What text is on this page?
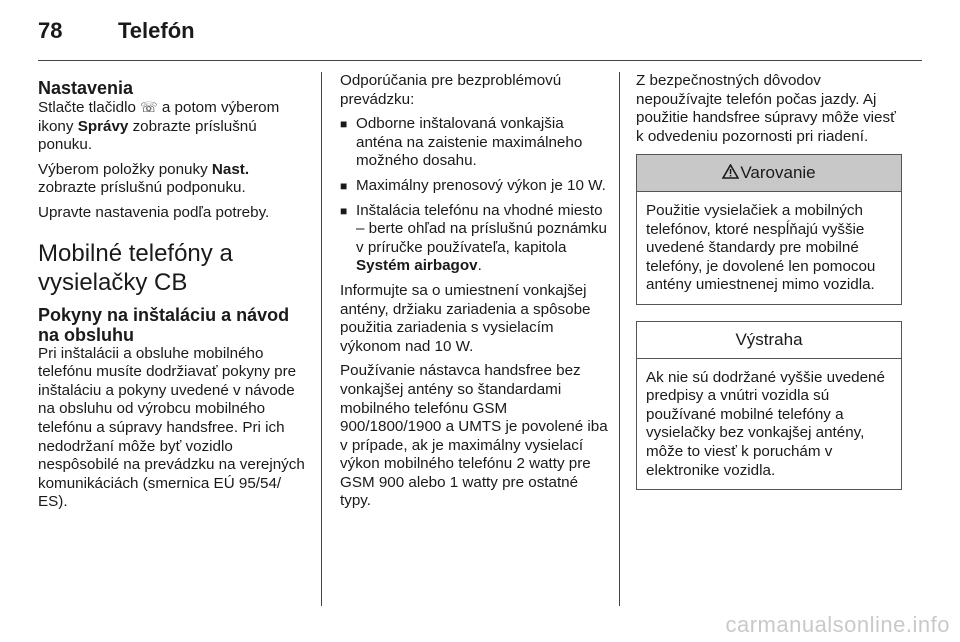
78	Telefón
Nastavenia

Stlačte tlačidlo ☏ a potom výberom ikony Správy zobrazte príslušnú ponuku.

Výberom položky ponuky Nast. zobrazte príslušnú podponuku.

Upravte nastavenia podľa potreby.

Mobilné telefóny a vysielačky CB
Pokyny na inštaláciu a návod na obsluhu

Pri inštalácii a obsluhe mobilného telefónu musíte dodržiavať pokyny pre inštaláciu a pokyny uvedené v návode na obsluhu od výrobcu mobilného telefónu a súpravy handsfree. Pri ich nedodržaní môže byť vozidlo nespôsobilé na prevádzku na verejných komunikáciách (smernica EÚ 95/54/ ES).

Odporúčania pre bezproblémovú prevádzku:

■ Odborne inštalovaná vonkajšia anténa na zaistenie maximálneho možného dosahu.
■ Maximálny prenosový výkon je 10 W.
■ Inštalácia telefónu na vhodné miesto – berte ohľad na príslušnú poznámku v príručke používateľa, kapitola Systém airbagov.

Informujte sa o umiestnení vonkajšej antény, držiaku zariadenia a spôsobe použitia zariadenia s vysielacím výkonom nad 10 W.

Používanie nástavca handsfree bez vonkajšej antény so štandardami mobilného telefónu GSM 900/1800/1900 a UMTS je povolené iba v prípade, ak je maximálny vysielací výkon mobilného telefónu 2 watty pre GSM 900 alebo 1 watty pre ostatné typy.

Z bezpečnostných dôvodov nepoužívajte telefón počas jazdy. Aj použitie handsfree súpravy môže viesť k odvedeniu pozornosti pri riadení.

Varovanie
Použitie vysielačiek a mobilných telefónov, ktoré nespĺňajú vyššie uvedené štandardy pre mobilné telefóny, je dovolené len pomocou antény umiestnenej mimo vozidla.
Výstraha
Ak nie sú dodržané vyššie uvedené predpisy a vnútri vozidla sú používané mobilné telefóny a vysielačky bez vonkajšej antény, môže to viesť k poruchám v elektronike vozidla.
carmanualsonline.info
